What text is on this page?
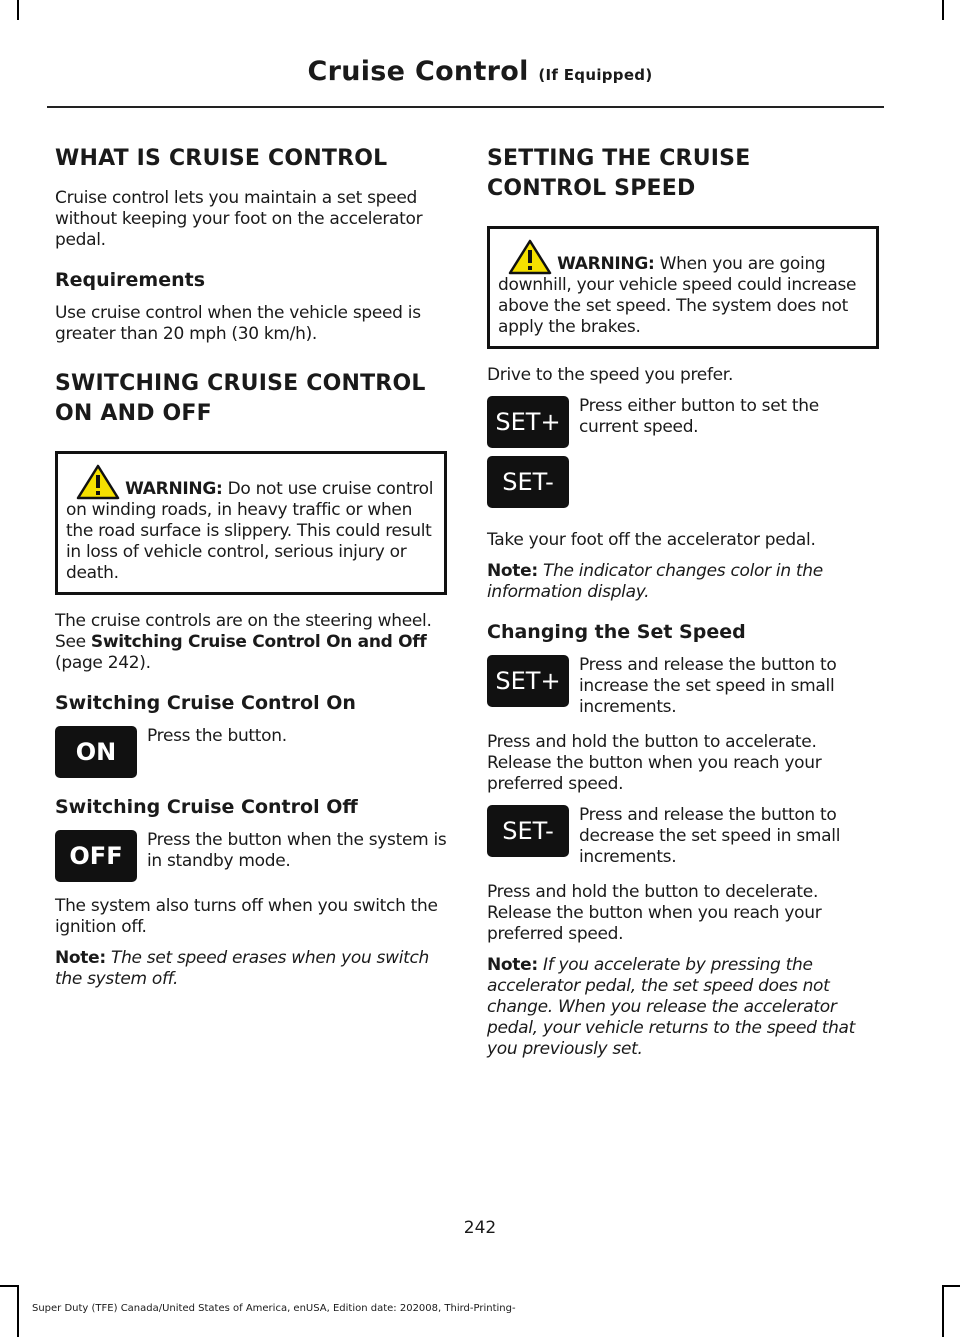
Cruise Control (If Equipped)
WHAT IS CRUISE CONTROL

Cruise control lets you maintain a set speed without keeping your foot on the accelerator pedal.

Requirements

Use cruise control when the vehicle speed is greater than 20 mph (30 km/h).

SWITCHING CRUISE CONTROL
ON AND OFF
WARNING: Do not use cruise control on winding roads, in heavy traffic or when the road surface is slippery. This could result in loss of vehicle control, serious injury or death.

The cruise controls are on the steering wheel. See Switching Cruise Control On and Off (page 242).

Switching Cruise Control On
ON
Press the button.
Switching Cruise Control Off
OFF
Press the button when the system is in standby mode.

The system also turns off when you switch the ignition off.

Note: The set speed erases when you switch the system off.

SETTING THE CRUISE
CONTROL SPEED
WARNING: When you are going downhill, your vehicle speed could increase above the set speed. The system does not apply the brakes.

Drive to the speed you prefer.

SET+
SET-
Press either button to set the current speed.

Take your foot off the accelerator pedal.

Note: The indicator changes color in the information display.

Changing the Set Speed
SET+
Press and release the button to increase the set speed in small increments.

Press and hold the button to accelerate. Release the button when you reach your preferred speed.

SET-
Press and release the button to decrease the set speed in small increments.

Press and hold the button to decelerate. Release the button when you reach your preferred speed.

Note: If you accelerate by pressing the accelerator pedal, the set speed does not change. When you release the accelerator pedal, your vehicle returns to the speed that you previously set.

242
Super Duty (TFE) Canada/United States of America, enUSA, Edition date: 202008, Third-Printing-
